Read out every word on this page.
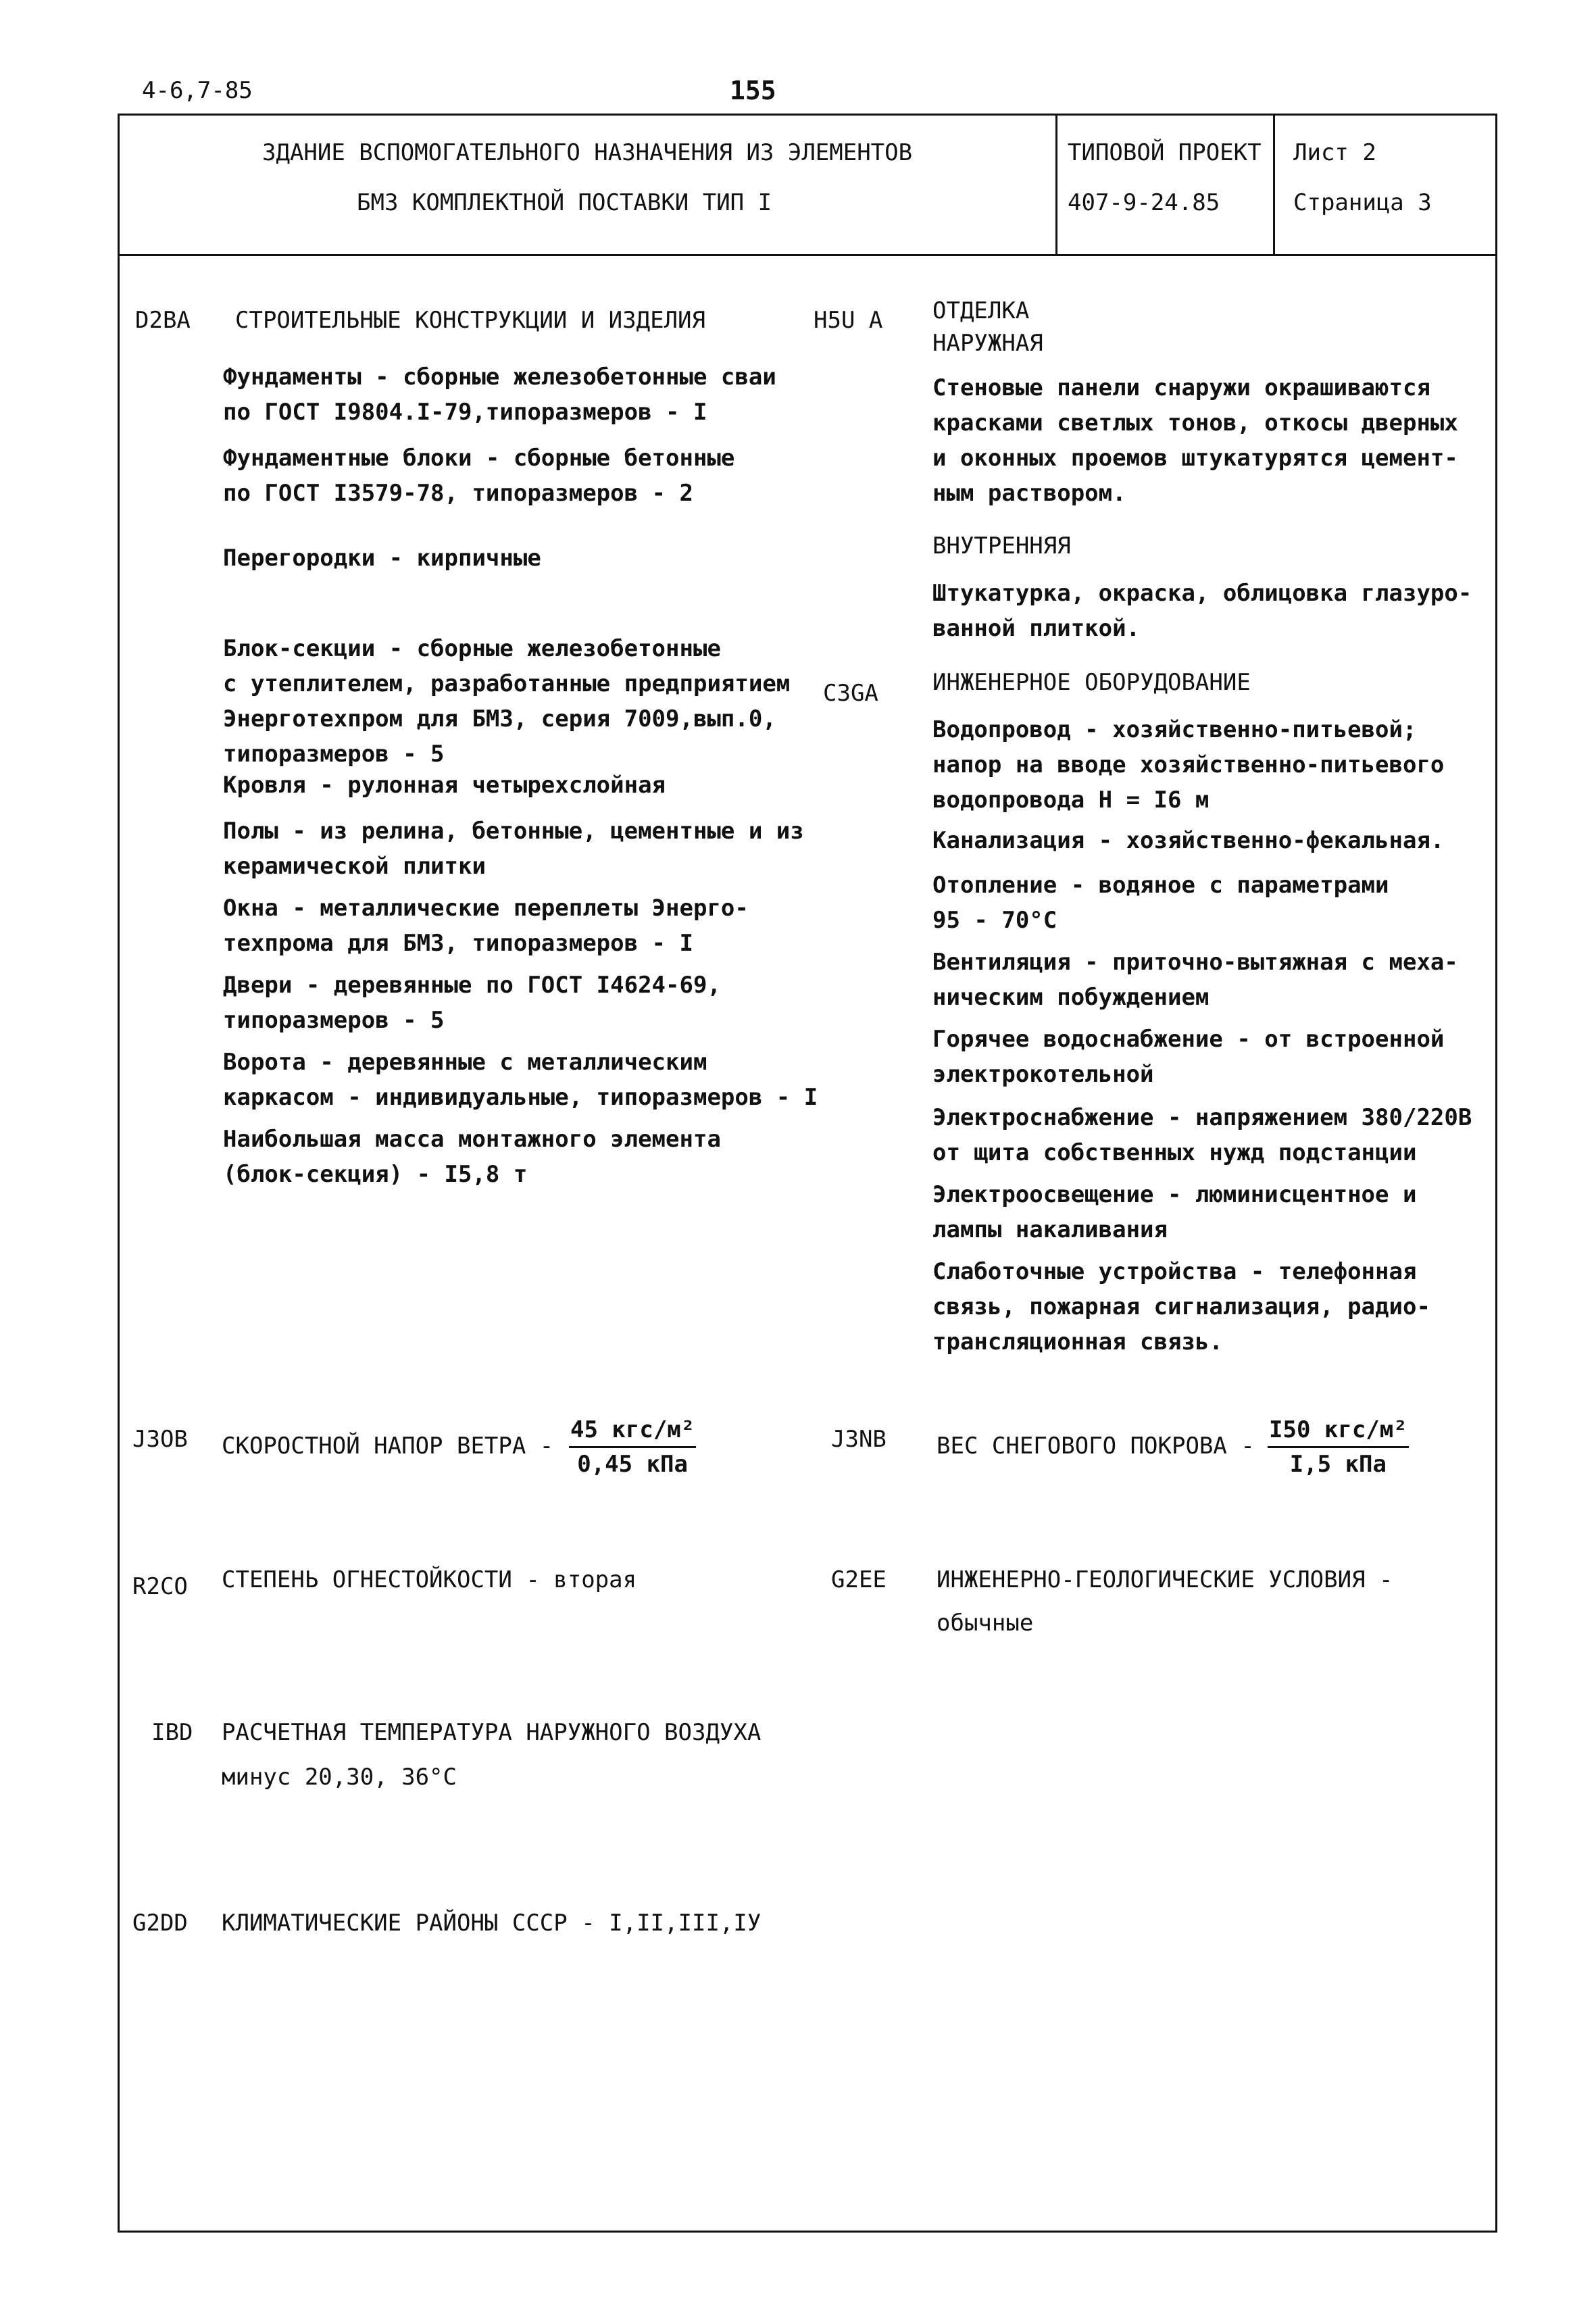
4-6,7-85	155
ЗДАНИЕ ВСПОМОГАТЕЛЬНОГО НАЗНАЧЕНИЯ ИЗ ЭЛЕМЕНТОВ
БМЗ КОМПЛЕКТНОЙ ПОСТАВКИ ТИП I
ТИПОВОЙ ПРОЕКТ
407-9-24.85
Лист 2
Страница 3
D2BA СТРОИТЕЛЬНЫЕ КОНСТРУКЦИИ И ИЗДЕЛИЯ
Фундаменты - сборные железобетонные сваи
по ГОСТ I9804.I-79,типоразмеров - I
Фундаментные блоки - сборные бетонные
по ГОСТ I3579-78, типоразмеров - 2
Перегородки - кирпичные
Блок-секции - сборные железобетонные
с утеплителем, разработанные предприятием
Энерготехпром для БМЗ, серия 7009,вып.0,
типоразмеров - 5
Кровля - рулонная четырехслойная
Полы - из релина, бетонные, цементные и из
керамической плитки
Окна - металлические переплеты Энерго-
техпрома для БМЗ, типоразмеров - I
Двери - деревянные по ГОСТ I4624-69,
типоразмеров - 5
Ворота - деревянные с металлическим
каркасом - индивидуальные, типоразмеров - I
Наибольшая масса монтажного элемента
(блок-секция) - I5,8 т
H5U A ОТДЕЛКА
НАРУЖНАЯ
Стеновые панели снаружи окрашиваются
красками светлых тонов, откосы дверных
и оконных проемов штукатурятся цемент-
ным раствором.
ВНУТРЕННЯЯ
Штукатурка, окраска, облицовка глазуро-
ванной плиткой.
C3GA ИНЖЕНЕРНОЕ ОБОРУДОВАНИЕ
Водопровод - хозяйственно-питьевой;
напор на вводе хозяйственно-питьевого
водопровода Н = I6 м
Канализация - хозяйственно-фекальная.
Отопление - водяное с параметрами
95 - 70°С
Вентиляция - приточно-вытяжная с меха-
ническим побуждением
Горячее водоснабжение - от встроенной
электрокотельной
Электроснабжение - напряжением 380/220В
от щита собственных нужд подстанции
Электроосвещение - люминисцентное и
лампы накаливания
Слаботочные устройства - телефонная
связь, пожарная сигнализация, радио-
трансляционная связь.
J3OB СКОРОСТНОЙ НАПОР ВЕТРА -
45 кгс/м²
0,45 кПа
J3NB ВЕС СНЕГОВОГО ПОКРОВА -
I50 кгс/м²
I,5 кПа
R2CO СТЕПЕНЬ ОГНЕСТОЙКОСТИ - вторая	G2EE ИНЖЕНЕРНО-ГЕОЛОГИЧЕСКИЕ УСЛОВИЯ -
обычные
IBD РАСЧЕТНАЯ ТЕМПЕРАТУРА НАРУЖНОГО ВОЗДУХА
минус 20,30, 36°С
G2DD КЛИМАТИЧЕСКИЕ РАЙОНЫ СССР - I,II,III,IУ
